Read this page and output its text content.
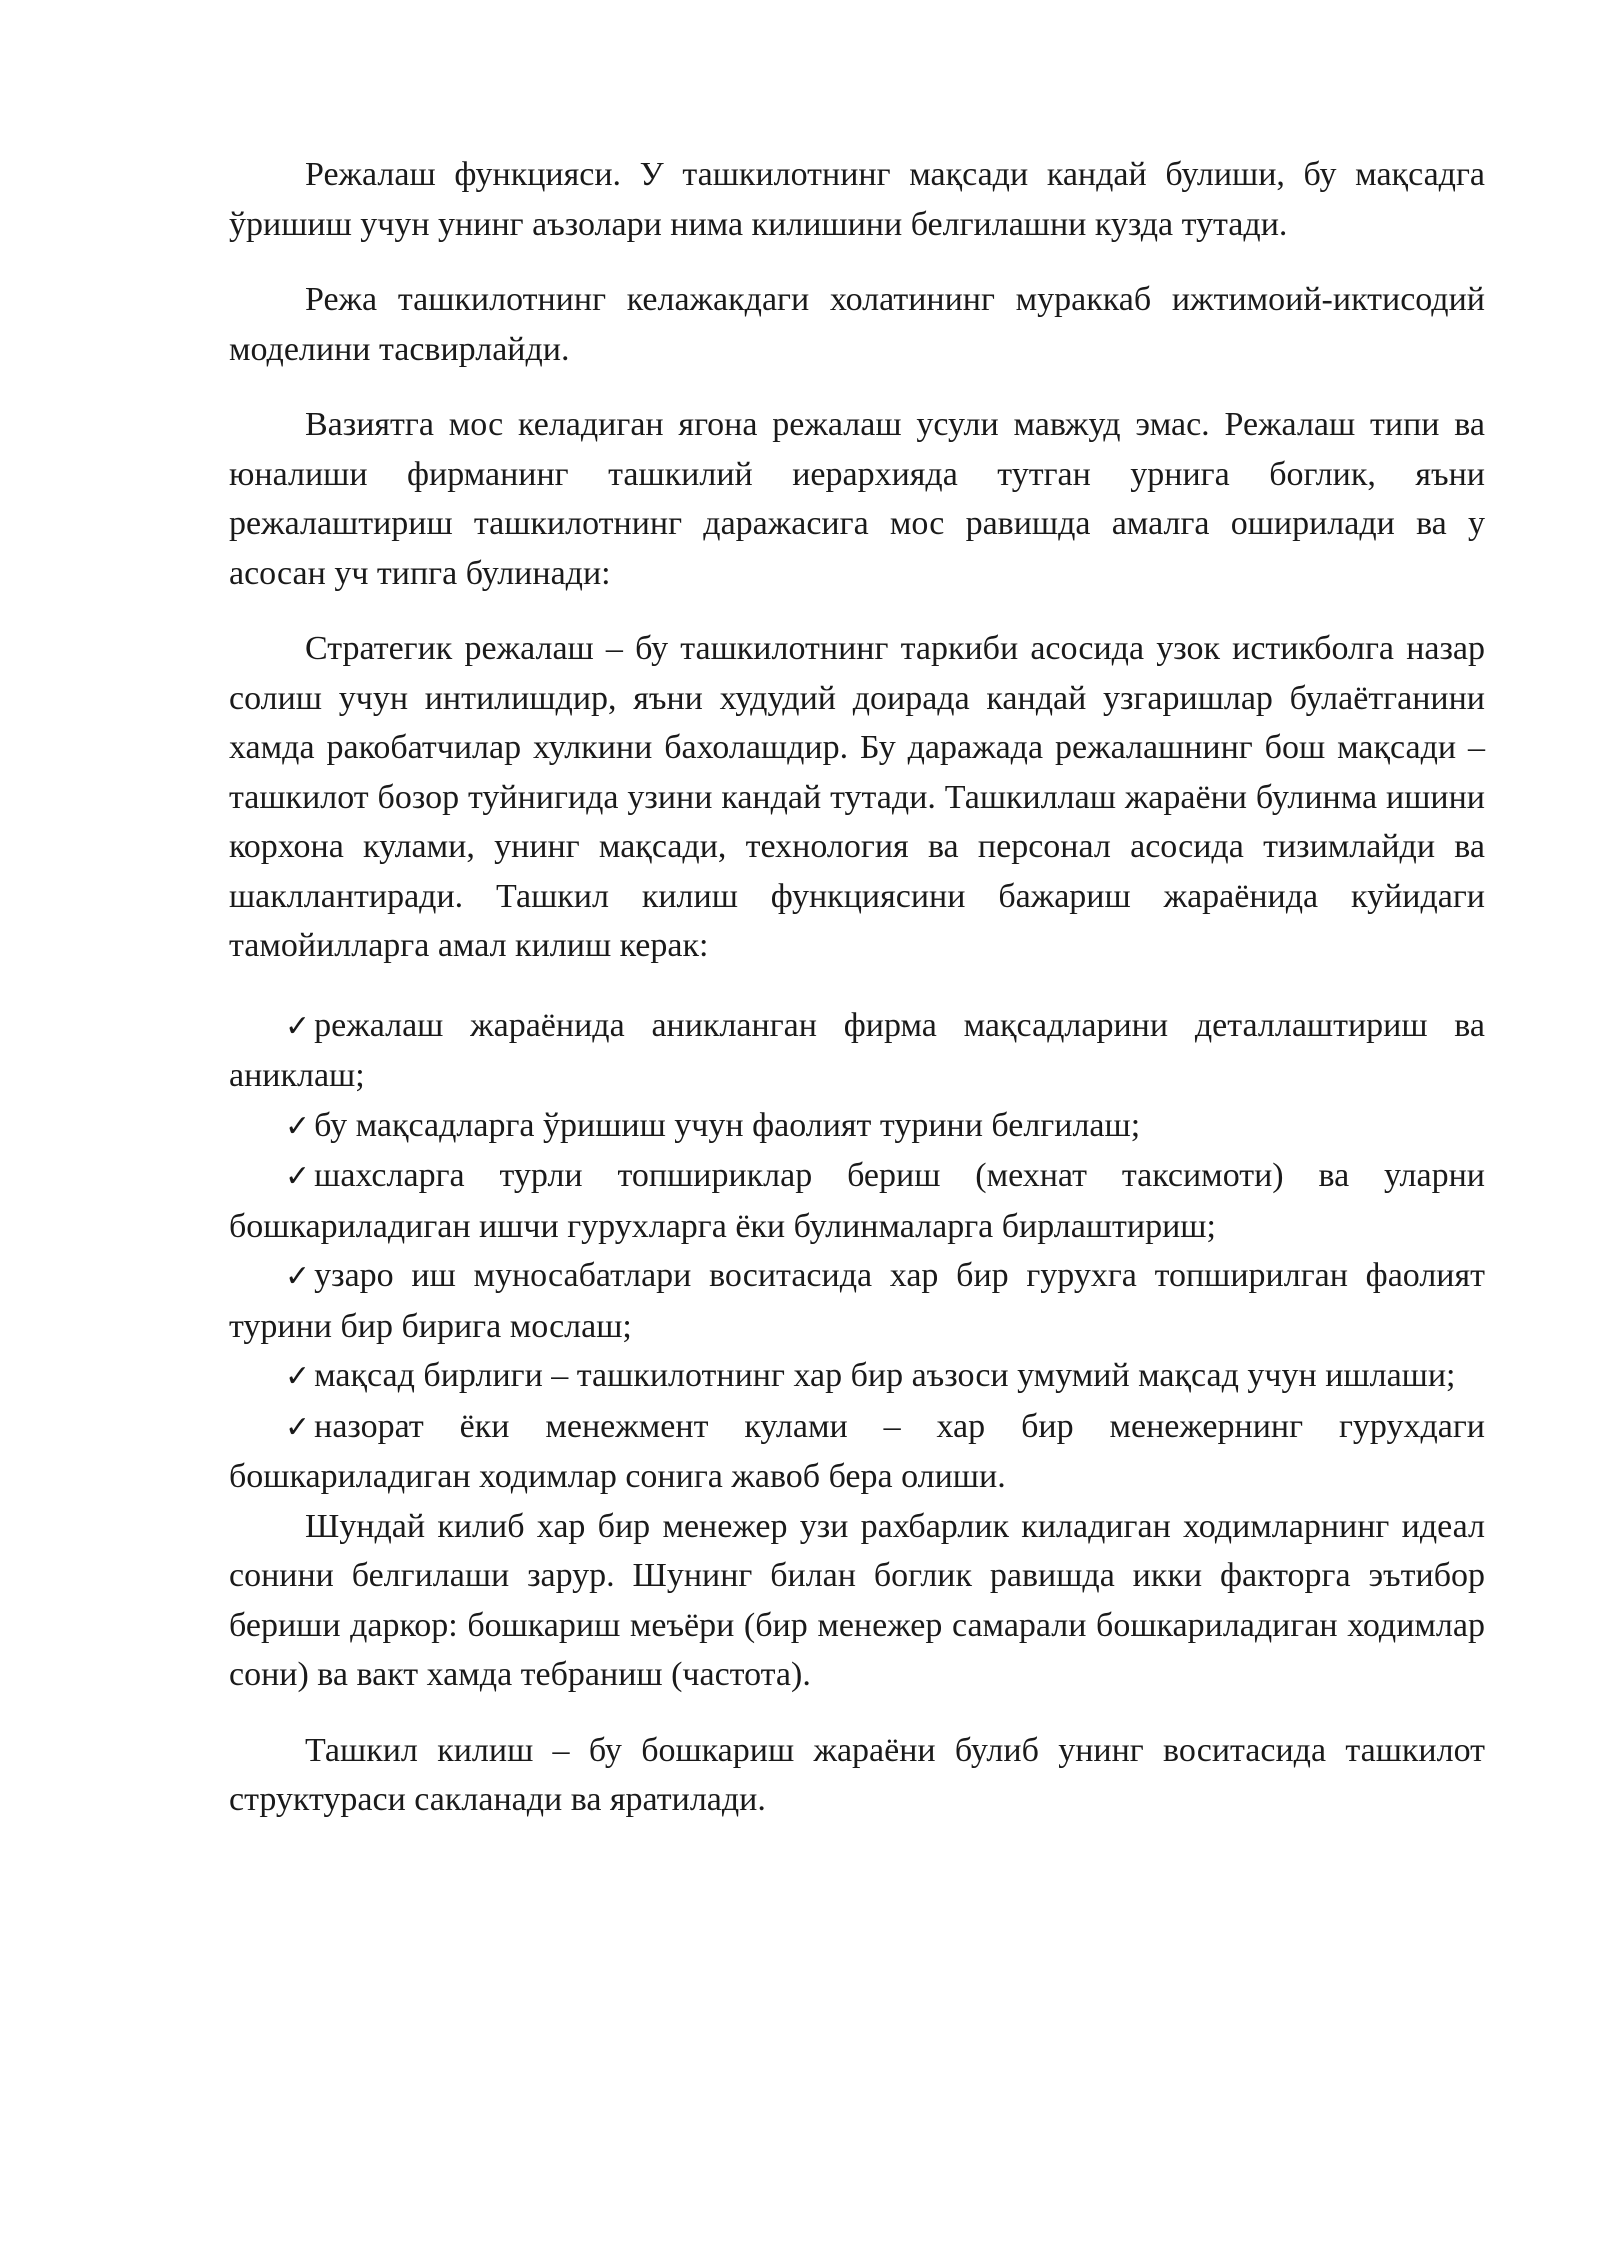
Режалаш функцияси. У ташкилотнинг мақсади кандай булиши, бу мақсадга ўришиш учун унинг аъзолари нима килишини белгилашни кузда тутади.

Режа ташкилотнинг келажакдаги холатининг мураккаб ижтимоий-иктисодий моделини тасвирлайди.

Вазиятга мос келадиган ягона режалаш усули мавжуд эмас. Режалаш типи ва юналиши фирманинг ташкилий иерархияда тутган урнига боглик, яъни режалаштириш ташкилотнинг даражасига мос равишда амалга оширилади ва у асосан уч типга булинади:

Стратегик режалаш – бу ташкилотнинг таркиби асосида узок истикболга назар солиш учун интилишдир, яъни худудий доирада кандай узгаришлар булаётганини хамда ракобатчилар хулкини бахолашдир. Бу даражада режалашнинг бош мақсади – ташкилот бозор туйнигида узини кандай тутади. Ташкиллаш жараёни булинма ишини корхона кулами, унинг мақсади, технология ва персонал асосида тизимлайди ва шакллантиради. Ташкил килиш функциясини бажариш жараёнида куйидаги тамойилларга амал килиш керак:

✓ режалаш жараёнида аникланган фирма мақсадларини деталлаштириш ва аниклаш;
✓ бу мақсадларга ўришиш учун фаолият турини белгилаш;
✓ шахсларга турли топшириклар бериш (мехнат таксимоти) ва уларни бошкариладиган ишчи гурухларга ёки булинмаларга бирлаштириш;
✓ узаро иш муносабатлари воситасида хар бир гурухга топширилган фаолият турини бир бирига мослаш;
✓ мақсад бирлиги – ташкилотнинг хар бир аъзоси умумий мақсад учун ишлаши;
✓ назорат ёки менежмент кулами – хар бир менежернинг гурухдаги бошкариладиган ходимлар сонига жавоб бера олиши.

Шундай килиб хар бир менежер узи рахбарлик киладиган ходимларнинг идеал сонини белгилаши зарур. Шунинг билан боглик равишда икки факторга эътибор бериши даркор: бошкариш меъёри (бир менежер самарали бошкариладиган ходимлар сони) ва вакт хамда тебраниш (частота).

Ташкил килиш – бу бошкариш жараёни булиб унинг воситасида ташкилот структураси сакланади ва яратилади.
